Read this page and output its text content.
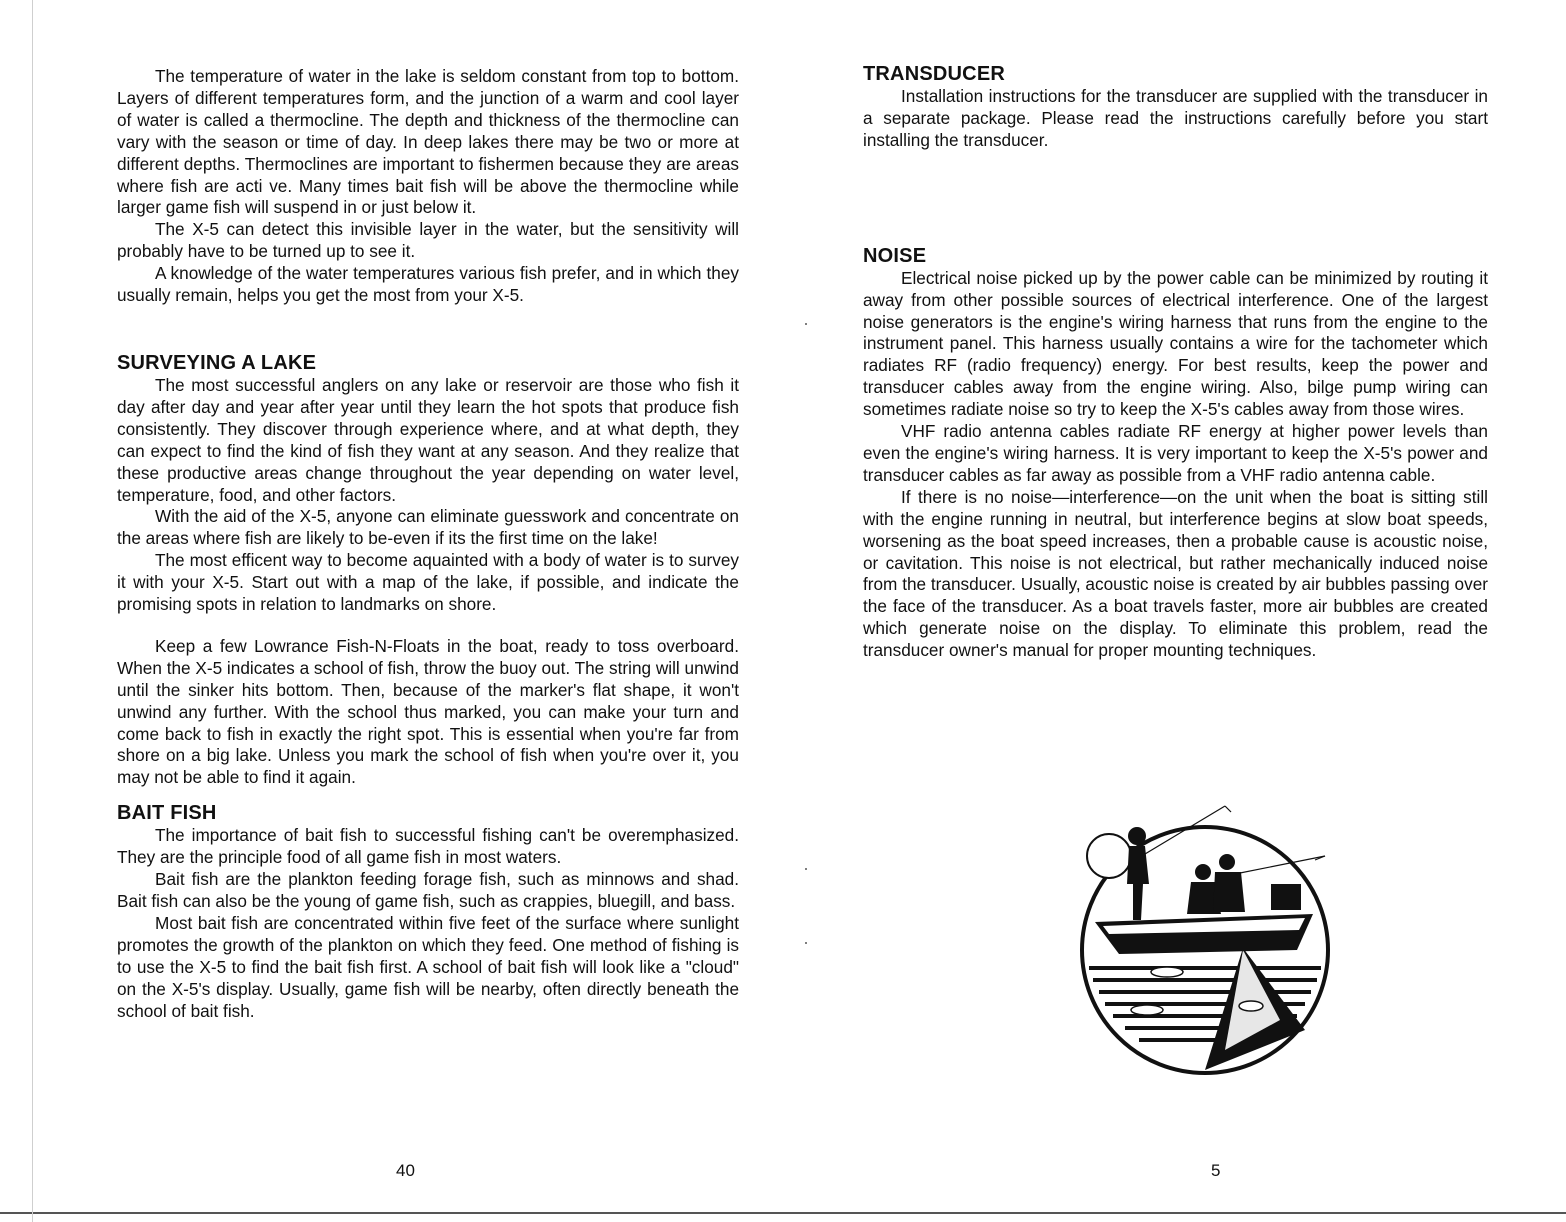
The temperature of water in the lake is seldom constant from top to bottom. Layers of different temperatures form, and the junction of a warm and cool layer of water is called a thermocline. The depth and thickness of the thermocline can vary with the season or time of day. In deep lakes there may be two or more at different depths. Thermoclines are important to fishermen because they are areas where fish are acti ve. Many times bait fish will be above the thermocline while larger game fish will suspend in or just below it.

The X-5 can detect this invisible layer in the water, but the sensitivity will probably have to be turned up to see it.

A knowledge of the water temperatures various fish prefer, and in which they usually remain, helps you get the most from your X-5.

SURVEYING A LAKE

The most successful anglers on any lake or reservoir are those who fish it day after day and year after year until they learn the hot spots that produce fish consistently. They discover through experience where, and at what depth, they can expect to find the kind of fish they want at any season. And they realize that these productive areas change throughout the year depending on water level, temperature, food, and other factors.

With the aid of the X-5, anyone can eliminate guesswork and concentrate on the areas where fish are likely to be-even if its the first time on the lake!

The most efficent way to become aquainted with a body of water is to survey it with your X-5. Start out with a map of the lake, if possible, and indicate the promising spots in relation to landmarks on shore.

Keep a few Lowrance Fish-N-Floats in the boat, ready to toss overboard. When the X-5 indicates a school of fish, throw the buoy out. The string will unwind until the sinker hits bottom. Then, because of the marker's flat shape, it won't unwind any further. With the school thus marked, you can make your turn and come back to fish in exactly the right spot. This is essential when you're far from shore on a big lake. Unless you mark the school of fish when you're over it, you may not be able to find it again.

BAIT FISH

The importance of bait fish to successful fishing can't be overemphasized. They are the principle food of all game fish in most waters.

Bait fish are the plankton feeding forage fish, such as minnows and shad. Bait fish can also be the young of game fish, such as crappies, bluegill, and bass.

Most bait fish are concentrated within five feet of the surface where sunlight promotes the growth of the plankton on which they feed. One method of fishing is to use the X-5 to find the bait fish first. A school of bait fish will look like a "cloud" on the X-5's display. Usually, game fish will be nearby, often directly beneath the school of bait fish.

40
TRANSDUCER

Installation instructions for the transducer are supplied with the transducer in a separate package. Please read the instructions carefully before you start installing the transducer.

NOISE

Electrical noise picked up by the power cable can be minimized by routing it away from other possible sources of electrical interference. One of the largest noise generators is the engine's wiring harness that runs from the engine to the instrument panel. This harness usually contains a wire for the tachometer which radiates RF (radio frequency) energy. For best results, keep the power and transducer cables away from the engine wiring. Also, bilge pump wiring can sometimes radiate noise so try to keep the X-5's cables away from those wires.

VHF radio antenna cables radiate RF energy at higher power levels than even the engine's wiring harness. It is very important to keep the X-5's power and transducer cables as far away as possible from a VHF radio antenna cable.

If there is no noise—interference—on the unit when the boat is sitting still with the engine running in neutral, but interference begins at slow boat speeds, worsening as the boat speed increases, then a probable cause is acoustic noise, or cavitation. This noise is not electrical, but rather mechanically induced noise from the transducer. Usually, acoustic noise is created by air bubbles passing over the face of the transducer. As a boat travels faster, more air bubbles are created which generate noise on the display. To eliminate this problem, read the transducer owner's manual for proper mounting techniques.

5
